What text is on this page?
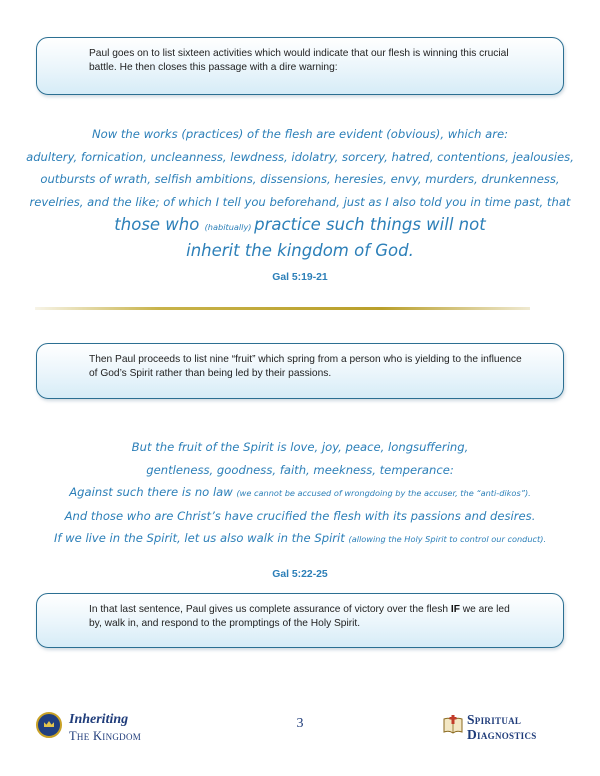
Paul goes on to list sixteen activities which would indicate that our flesh is winning this crucial battle. He then closes this passage with a dire warning:

Now the works (practices) of the flesh are evident (obvious), which are:

adultery, fornication, uncleanness, lewdness, idolatry, sorcery, hatred, contentions, jealousies,

outbursts of wrath, selfish ambitions, dissensions, heresies, envy, murders, drunkenness,

revelries, and the like; of which I tell you beforehand, just as I also told you in time past, that

those who (habitually) practice such things will not

inherit the kingdom of God.

Gal 5:19-21
Then Paul proceeds to list nine “fruit” which spring from a person who is yielding to the influence of God’s Spirit rather than being led by their passions.

But the fruit of the Spirit is love, joy, peace, longsuffering,

gentleness, goodness, faith, meekness, temperance:

Against such there is no law (we cannot be accused of wrongdoing by the accuser, the “anti-dikos”).

And those who are Christ’s have crucified the flesh with its passions and desires.

If we live in the Spirit, let us also walk in the Spirit (allowing the Holy Spirit to control our conduct).

Gal 5:22-25
In that last sentence, Paul gives us complete assurance of victory over the flesh IF we are led by, walk in, and respond to the promptings of the Holy Spirit.
Inheriting
The Kingdom
3	Spiritual
Diagnostics
